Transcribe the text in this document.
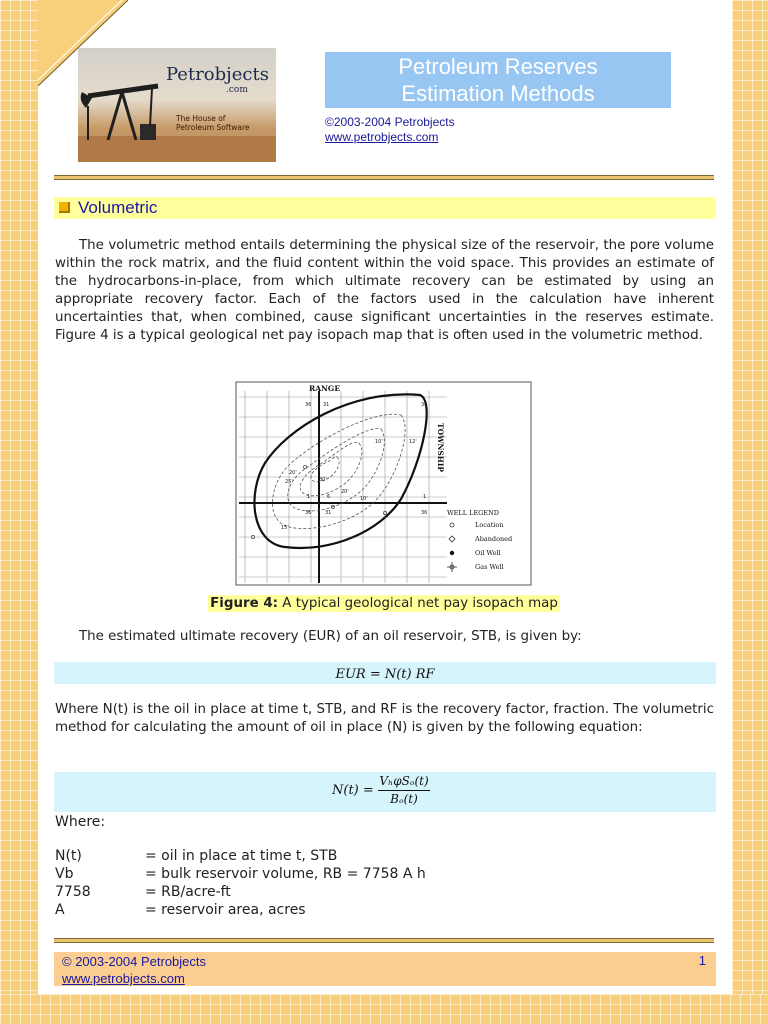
Petrobjects
.com
The House of
Petroleum Software
Petroleum Reserves
Estimation Methods
©2003-2004 Petrobjects
www.petrobjects.com
Volumetric

The volumetric method entails determining the physical size of the reservoir, the pore volume within the rock matrix, and the fluid content within the void space. This provides an estimate of the hydrocarbons-in-place, from which ultimate recovery can be estimated by using an appropriate recovery factor. Each of the factors used in the calculation have inherent uncertainties that, when combined, cause significant uncertainties in the reserves estimate. Figure 4 is a typical geological net pay isopach map that is often used in the volumetric method.

RANGE
TOWNSHIP
36 31	36
1	6	1
36	31	36
10'
20'
30'
25'
20'
15'
10'	12'
WELL LEGEND
Location
Abandoned
Oil Well
Gas Well
Figure 4: A typical geological net pay isopach map

The estimated ultimate recovery (EUR) of an oil reservoir, STB, is given by:

EUR = N(t) RF

Where N(t) is the oil in place at time t, STB, and RF is the recovery factor, fraction. The volumetric method for calculating the amount of oil in place (N) is given by the following equation:

N(t) =
VₕφSₒ(t)
Bₒ(t)
Where:
N(t)	= oil in place at time t, STB
Vb	= bulk reservoir volume, RB = 7758 A h
7758	= RB/acre-ft
A	= reservoir area, acres
© 2003-2004 Petrobjects
www.petrobjects.com
1
